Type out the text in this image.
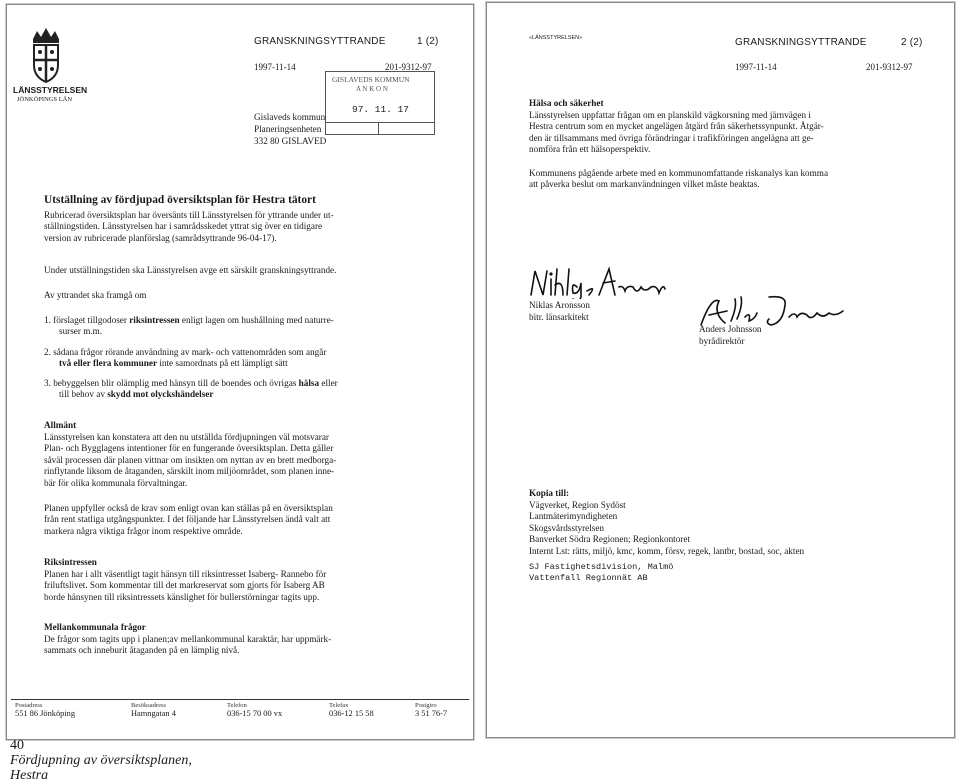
LÄNSSTYRELSEN
JÖNKÖPINGS LÄN
GRANSKNINGSYTTRANDE	1 (2)
1997-11-14	201-9312-97
GISLAVEDS KOMMUN
A N K O N
97. 11. 17
Gislaveds kommun
Planeringsenheten
332 80 GISLAVED
Utställning av fördjupad översiktsplan för Hestra tätort
Rubricerad översiktsplan har översänts till Länsstyrelsen för yttrande under ut-
ställningstiden. Länsstyrelsen har i samrådsskedet yttrat sig över en tidigare
version av rubricerade planförslag (samrådsyttrande 96-04-17).
Under utställningstiden ska Länsstyrelsen avge ett särskilt granskningsyttrande.
Av yttrandet ska framgå om
1. förslaget tillgodoser riksintressen enligt lagen om hushållning med naturre-
surser m.m.
2. sådana frågor rörande användning av mark- och vattenområden som angår
två eller flera kommuner inte samordnats på ett lämpligt sätt
3. bebyggelsen blir olämplig med hänsyn till de boendes och övrigas hälsa eller
till behov av skydd mot olyckshändelser
Allmänt
Länsstyrelsen kan konstatera att den nu utställda fördjupningen väl motsvarar
Plan- och Bygglagens intentioner för en fungerande översiktsplan. Detta gäller
såväl processen där planen vittnar om insikten om nyttan av en brett medborga-
rinflytande liksom de åtaganden, särskilt inom miljöområdet, som planen inne-
bär för olika kommunala förvaltningar.
Planen uppfyller också de krav som enligt ovan kan ställas på en översiktsplan
från rent statliga utgångspunkter. I det följande har Länsstyrelsen ändå valt att
markera några viktiga frågor inom respektive område.
Riksintressen
Planen har i allt väsentligt tagit hänsyn till riksintresset Isaberg- Rannebo för
friluftslivet. Som kommentar till det markreservat som gjorts för Isaberg AB
borde hänsynen till riksintressets känslighet för bullerstörningar tagits upp.
Mellankommunala frågor
De frågor som tagits upp i planen;av mellankommunal karaktär, har uppmärk-
sammats och inneburit åtaganden på en lämplig nivå.
Postadress
551 86 Jönköping
Besöksadress
Hamngatan 4
Telefon
036-15 70 00 vx
Telefax
036-12 15 58
Postgiro
3 51 76-7
«LÄNSSTYRELSEN»	GRANSKNINGSYTTRANDE	2 (2)
1997-11-14	201-9312-97
Hälsa och säkerhet
Länsstyrelsen uppfattar frågan om en planskild vägkorsning med järnvägen i
Hestra centrum som en mycket angelägen åtgärd från säkerhetssynpunkt. Åtgär-
den är tillsammans med övriga förändringar i trafikföringen angelägna att ge-
nomföra från ett hälsoperspektiv.
Kommunens pågående arbete med en kommunomfattande riskanalys kan komma
att påverka beslut om markanvändningen vilket måste beaktas.
Niklas Aronsson
bitr. länsarkitekt
Anders Johnsson
byrådirektör
Kopia till:
Vägverket, Region Sydöst
Lantmäterimyndigheten
Skogsvårdsstyrelsen
Banverket Södra Regionen; Regionkontoret
Internt Lst: rätts, miljö, kmc, komm, försv, regek, lantbr, bostad, soc, akten
SJ Fastighetsdivision, Malmö
Vattenfall Regionnät AB
40
Fördjupning av översiktsplanen,
Hestra
